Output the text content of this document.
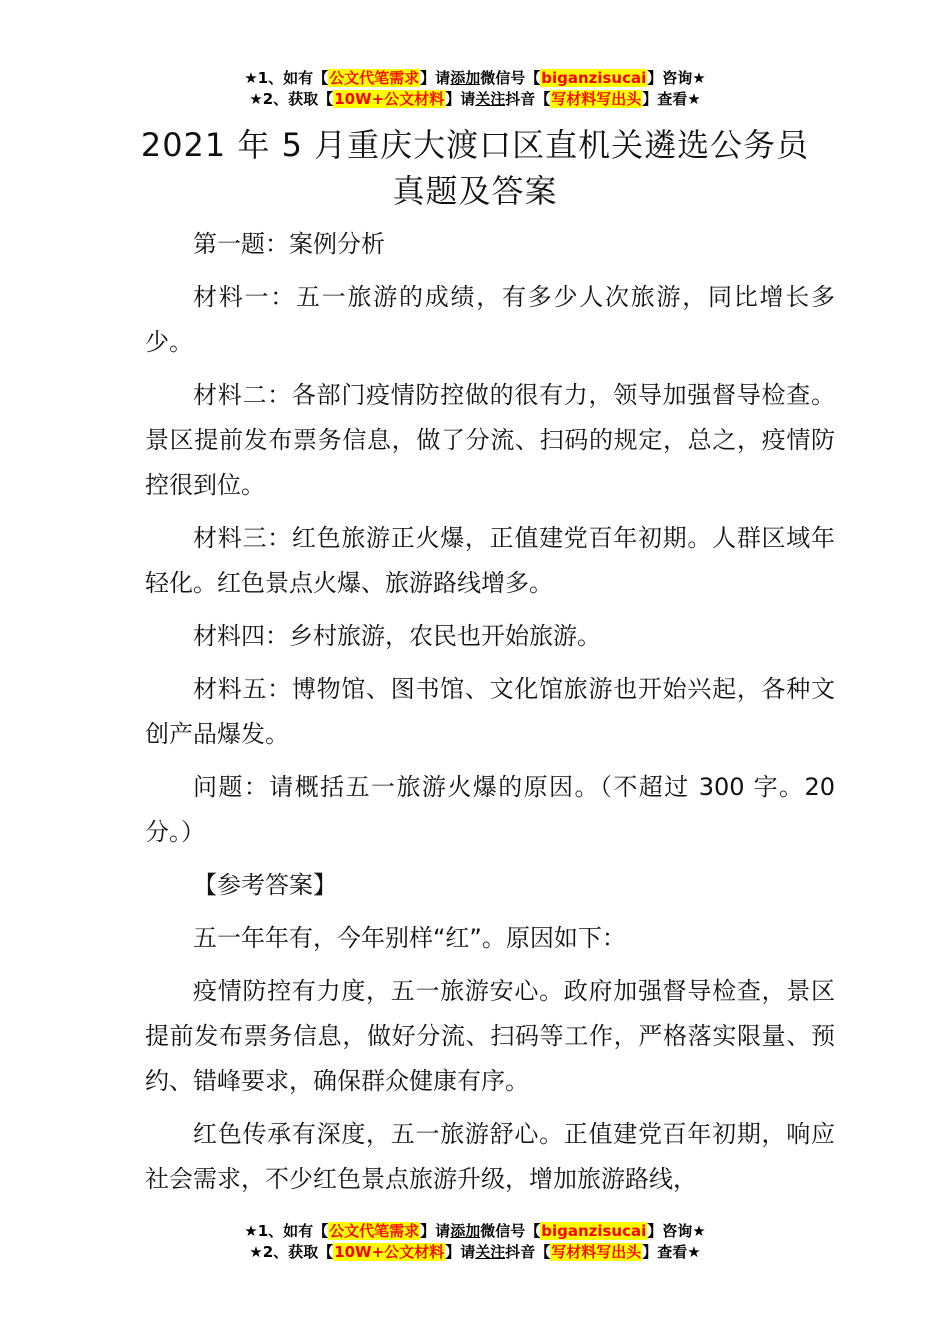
★1、如有【公文代笔需求】请添加微信号【biganzisucai】咨询★
★2、获取【10W+公文材料】请关注抖音【写材料写出头】查看★
2021 年 5 月重庆大渡口区直机关遴选公务员
真题及答案

第一题：案例分析

材料一：五一旅游的成绩，有多少人次旅游，同比增长多少。

材料二：各部门疫情防控做的很有力，领导加强督导检查。景区提前发布票务信息，做了分流、扫码的规定，总之，疫情防控很到位。

材料三：红色旅游正火爆，正值建党百年初期。人群区域年轻化。红色景点火爆、旅游路线增多。

材料四：乡村旅游，农民也开始旅游。

材料五：博物馆、图书馆、文化馆旅游也开始兴起，各种文创产品爆发。

问题：请概括五一旅游火爆的原因。（不超过 300 字。20 分。）

【参考答案】

五一年年有，今年别样“红”。原因如下：

疫情防控有力度，五一旅游安心。政府加强督导检查，景区提前发布票务信息，做好分流、扫码等工作，严格落实限量、预约、错峰要求，确保群众健康有序。

红色传承有深度，五一旅游舒心。正值建党百年初期，响应社会需求，不少红色景点旅游升级，增加旅游路线，

★1、如有【公文代笔需求】请添加微信号【biganzisucai】咨询★
★2、获取【10W+公文材料】请关注抖音【写材料写出头】查看★
